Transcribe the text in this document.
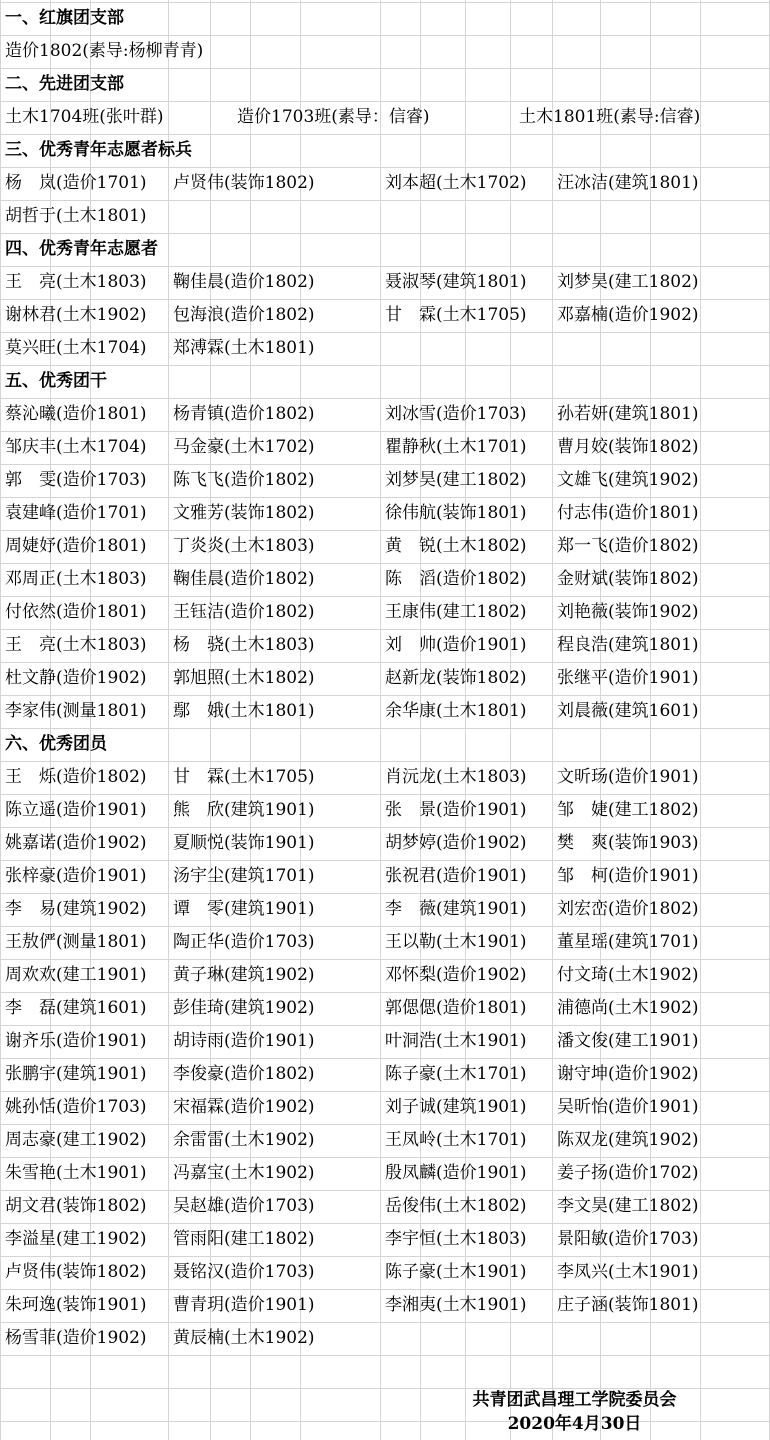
一、红旗团支部
造价1802(素导:杨柳青青)
二、先进团支部
土木1704班(张叶群)	造价1703班(素导：信睿)	土木1801班(素导:信睿)
三、优秀青年志愿者标兵
杨　岚(造价1701) 卢贤伟(装饰1802)	刘本超(土木1702) 汪冰洁(建筑1801)
胡哲于(土木1801)
四、优秀青年志愿者
王　亮(土木1803) 鞠佳晨(造价1802)	聂淑琴(建筑1801) 刘梦昊(建工1802)
谢林君(土木1902) 包海浪(造价1802)	甘　霖(土木1705) 邓嘉楠(造价1902)
莫兴旺(土木1704) 郑溥霖(土木1801)
五、优秀团干
蔡沁曦(造价1801) 杨青镇(造价1802)	刘冰雪(造价1703) 孙若妍(建筑1801)
邹庆丰(土木1704) 马金豪(土木1702)	瞿静秋(土木1701) 曹月姣(装饰1802)
郭　雯(造价1703) 陈飞飞(造价1802)	刘梦昊(建工1802) 文雄飞(建筑1902)
袁建峰(造价1701) 文雅芳(装饰1802)	徐伟航(装饰1801) 付志伟(造价1801)
周婕妤(造价1801) 丁炎炎(土木1803)	黄　锐(土木1802) 郑一飞(造价1802)
邓周正(土木1803) 鞠佳晨(造价1802)	陈　滔(造价1802) 金财斌(装饰1802)
付依然(造价1801) 王钰洁(造价1802)	王康伟(建工1802) 刘艳薇(装饰1902)
王　亮(土木1803) 杨　骁(土木1803)	刘　帅(造价1901) 程良浩(建筑1801)
杜文静(造价1902) 郭旭照(土木1802)	赵新龙(装饰1802) 张继平(造价1901)
李家伟(测量1801) 鄢　娥(土木1801)	余华康(土木1801) 刘晨薇(建筑1601)
六、优秀团员
王　烁(造价1802) 甘　霖(土木1705)	肖沅龙(土木1803) 文昕玚(造价1901)
陈立遥(造价1901) 熊　欣(建筑1901)	张　景(造价1901) 邹　婕(建工1802)
姚嘉诺(造价1902) 夏顺悦(装饰1901)	胡梦婷(造价1902) 樊　爽(装饰1903)
张梓豪(造价1901) 汤宇尘(建筑1701)	张祝君(造价1901) 邹　柯(造价1901)
李　易(建筑1902) 谭　零(建筑1901)	李　薇(建筑1901) 刘宏峦(造价1802)
王敖俨(测量1801) 陶正华(造价1703)	王以勒(土木1901) 董星瑶(建筑1701)
周欢欢(建工1901) 黄子琳(建筑1902)	邓怀梨(造价1902) 付文琦(土木1902)
李　磊(建筑1601) 彭佳琦(建筑1902)	郭偲偲(造价1801) 浦德尚(土木1902)
谢齐乐(造价1901) 胡诗雨(造价1901)	叶洞浩(土木1901) 潘文俊(建工1901)
张鹏宇(建筑1901) 李俊豪(造价1802)	陈子豪(土木1701) 谢守坤(造价1902)
姚孙恬(造价1703) 宋福霖(造价1902)	刘子诚(建筑1901) 吴昕怡(造价1901)
周志豪(建工1902) 余雷雷(土木1902)	王凤岭(土木1701) 陈双龙(建筑1902)
朱雪艳(土木1901) 冯嘉宝(土木1902)	殷凤麟(造价1901) 姜子扬(造价1702)
胡文君(装饰1802) 吴赵雄(造价1703)	岳俊伟(土木1802) 李文昊(建工1802)
李溢星(建工1902) 管雨阳(建工1802)	李宇恒(土木1803) 景阳敏(造价1703)
卢贤伟(装饰1802) 聂铭汉(造价1703)	陈子豪(土木1901) 李凤兴(土木1901)
朱珂逸(装饰1901) 曹青玥(造价1901)	李湘夷(土木1901) 庄子涵(装饰1801)
杨雪菲(造价1902) 黄辰楠(土木1902)
共青团武昌理工学院委员会
2020年4月30日
